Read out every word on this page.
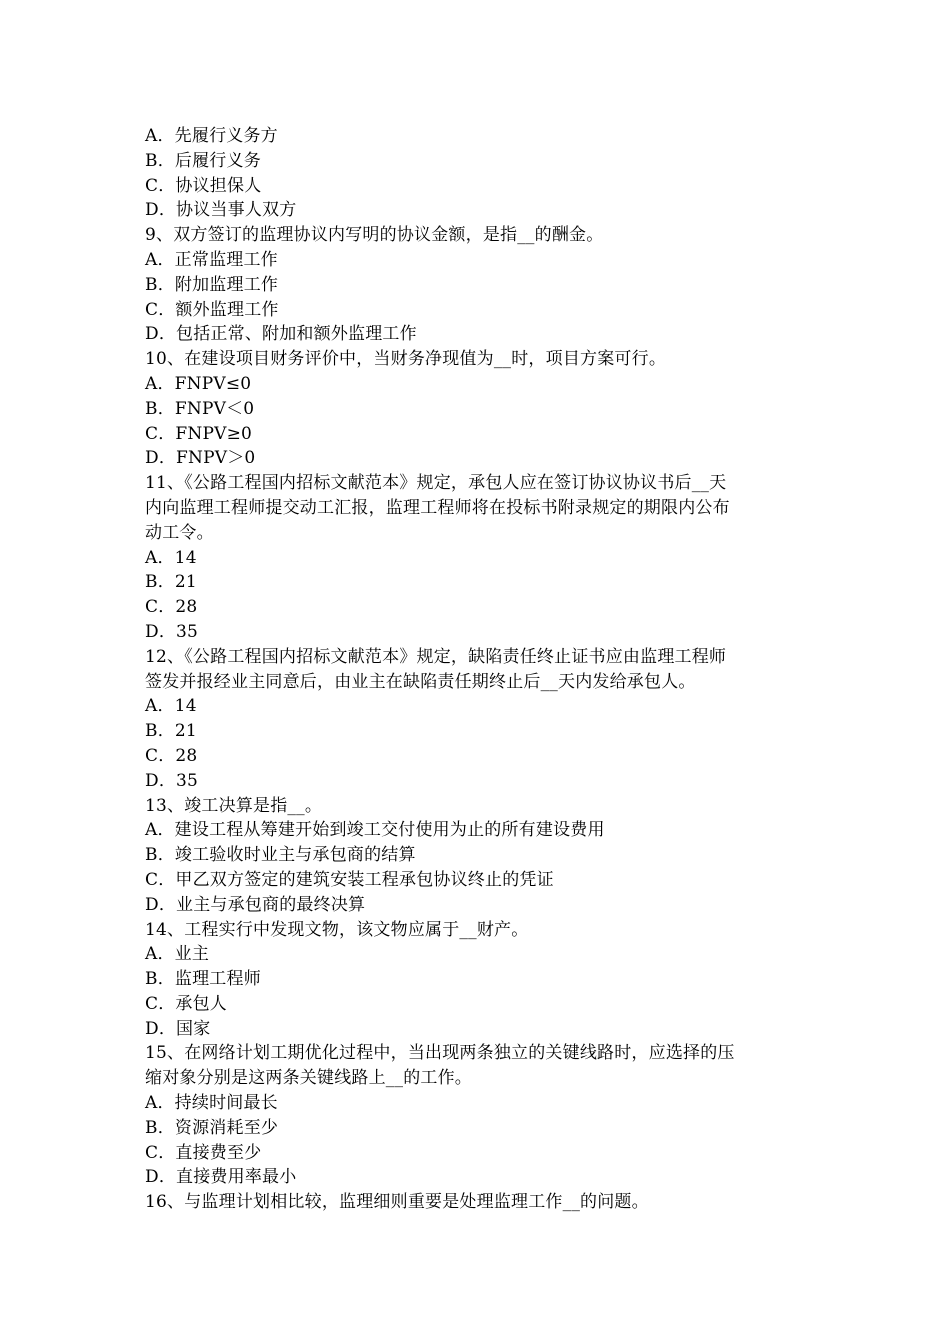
A．先履行义务方
B．后履行义务
C．协议担保人
D．协议当事人双方
9、双方签订的监理协议内写明的协议金额，是指__的酬金。
A．正常监理工作
B．附加监理工作
C．额外监理工作
D．包括正常、附加和额外监理工作
10、在建设项目财务评价中，当财务净现值为__时，项目方案可行。
A．FNPV≤0
B．FNPV＜0
C．FNPV≥0
D．FNPV＞0
11、《公路工程国内招标文献范本》规定，承包人应在签订协议协议书后__天
内向监理工程师提交动工汇报，监理工程师将在投标书附录规定的期限内公布
动工令。
A．14
B．21
C．28
D．35
12、《公路工程国内招标文献范本》规定，缺陷责任终止证书应由监理工程师
签发并报经业主同意后，由业主在缺陷责任期终止后__天内发给承包人。
A．14
B．21
C．28
D．35
13、竣工决算是指__。
A．建设工程从筹建开始到竣工交付使用为止的所有建设费用
B．竣工验收时业主与承包商的结算
C．甲乙双方签定的建筑安装工程承包协议终止的凭证
D．业主与承包商的最终决算
14、工程实行中发现文物，该文物应属于__财产。
A．业主
B．监理工程师
C．承包人
D．国家
15、在网络计划工期优化过程中，当出现两条独立的关键线路时，应选择的压
缩对象分别是这两条关键线路上__的工作。
A．持续时间最长
B．资源消耗至少
C．直接费至少
D．直接费用率最小
16、与监理计划相比较，监理细则重要是处理监理工作__的问题。
